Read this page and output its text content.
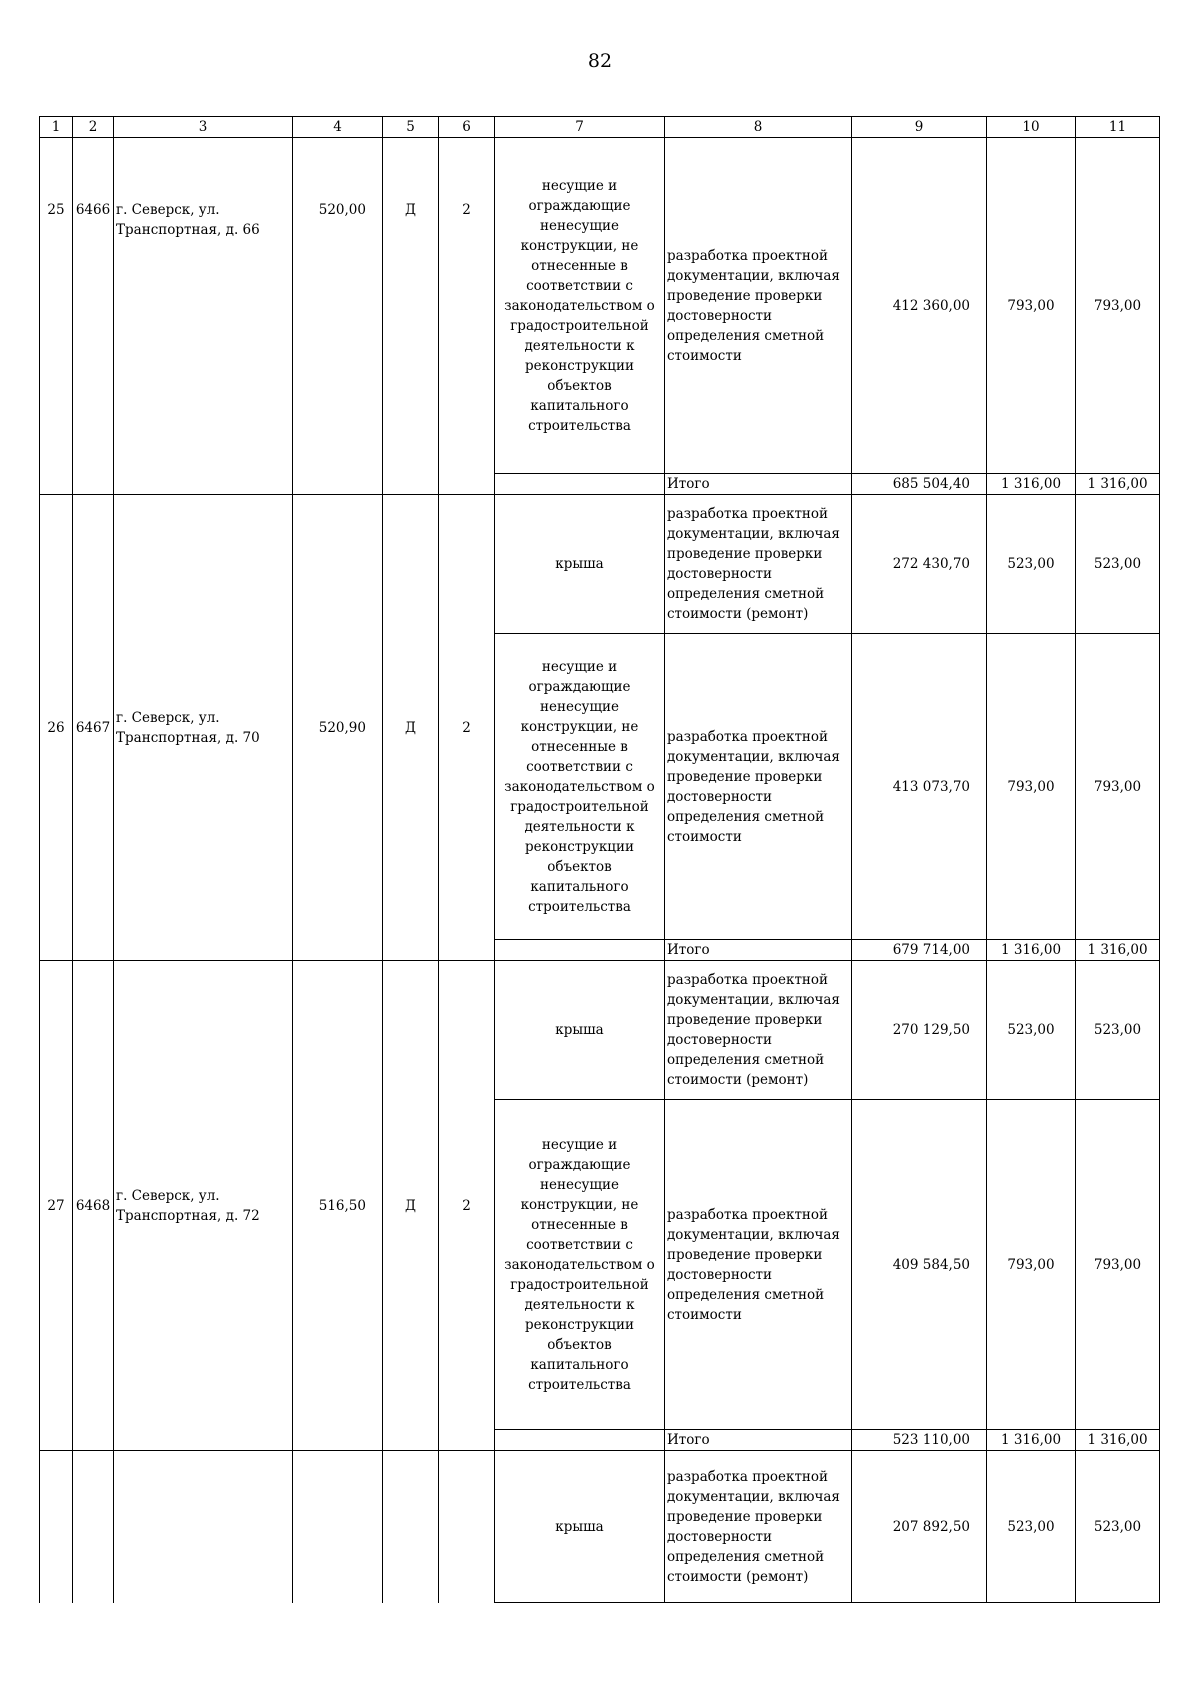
82
1	2	3	4	5	6	7	8	9	10	11
25	6466	г. Северск, ул. Транспортная, д. 66	520,00	Д	2	несущие и ограждающие ненесущие конструкции, не отнесенные в соответствии с законодательством о градостроительной деятельности к реконструкции объектов капитального строительства	разработка проектной документации, включая проведение проверки достоверности определения сметной стоимости	412 360,00	793,00	793,00
							Итого	685 504,40	1 316,00	1 316,00
26	6467	г. Северск, ул. Транспортная, д. 70	520,90	Д	2	крыша	разработка проектной документации, включая проведение проверки достоверности определения сметной стоимости (ремонт)	272 430,70	523,00	523,00
						несущие и ограждающие ненесущие конструкции, не отнесенные в соответствии с законодательством о градостроительной деятельности к реконструкции объектов капитального строительства	разработка проектной документации, включая проведение проверки достоверности определения сметной стоимости	413 073,70	793,00	793,00
							Итого	679 714,00	1 316,00	1 316,00
27	6468	г. Северск, ул. Транспортная, д. 72	516,50	Д	2	крыша	разработка проектной документации, включая проведение проверки достоверности определения сметной стоимости (ремонт)	270 129,50	523,00	523,00
						несущие и ограждающие ненесущие конструкции, не отнесенные в соответствии с законодательством о градостроительной деятельности к реконструкции объектов капитального строительства	разработка проектной документации, включая проведение проверки достоверности определения сметной стоимости	409 584,50	793,00	793,00
							Итого	523 110,00	1 316,00	1 316,00
						крыша	разработка проектной документации, включая проведение проверки достоверности определения сметной стоимости (ремонт)	207 892,50	523,00	523,00
